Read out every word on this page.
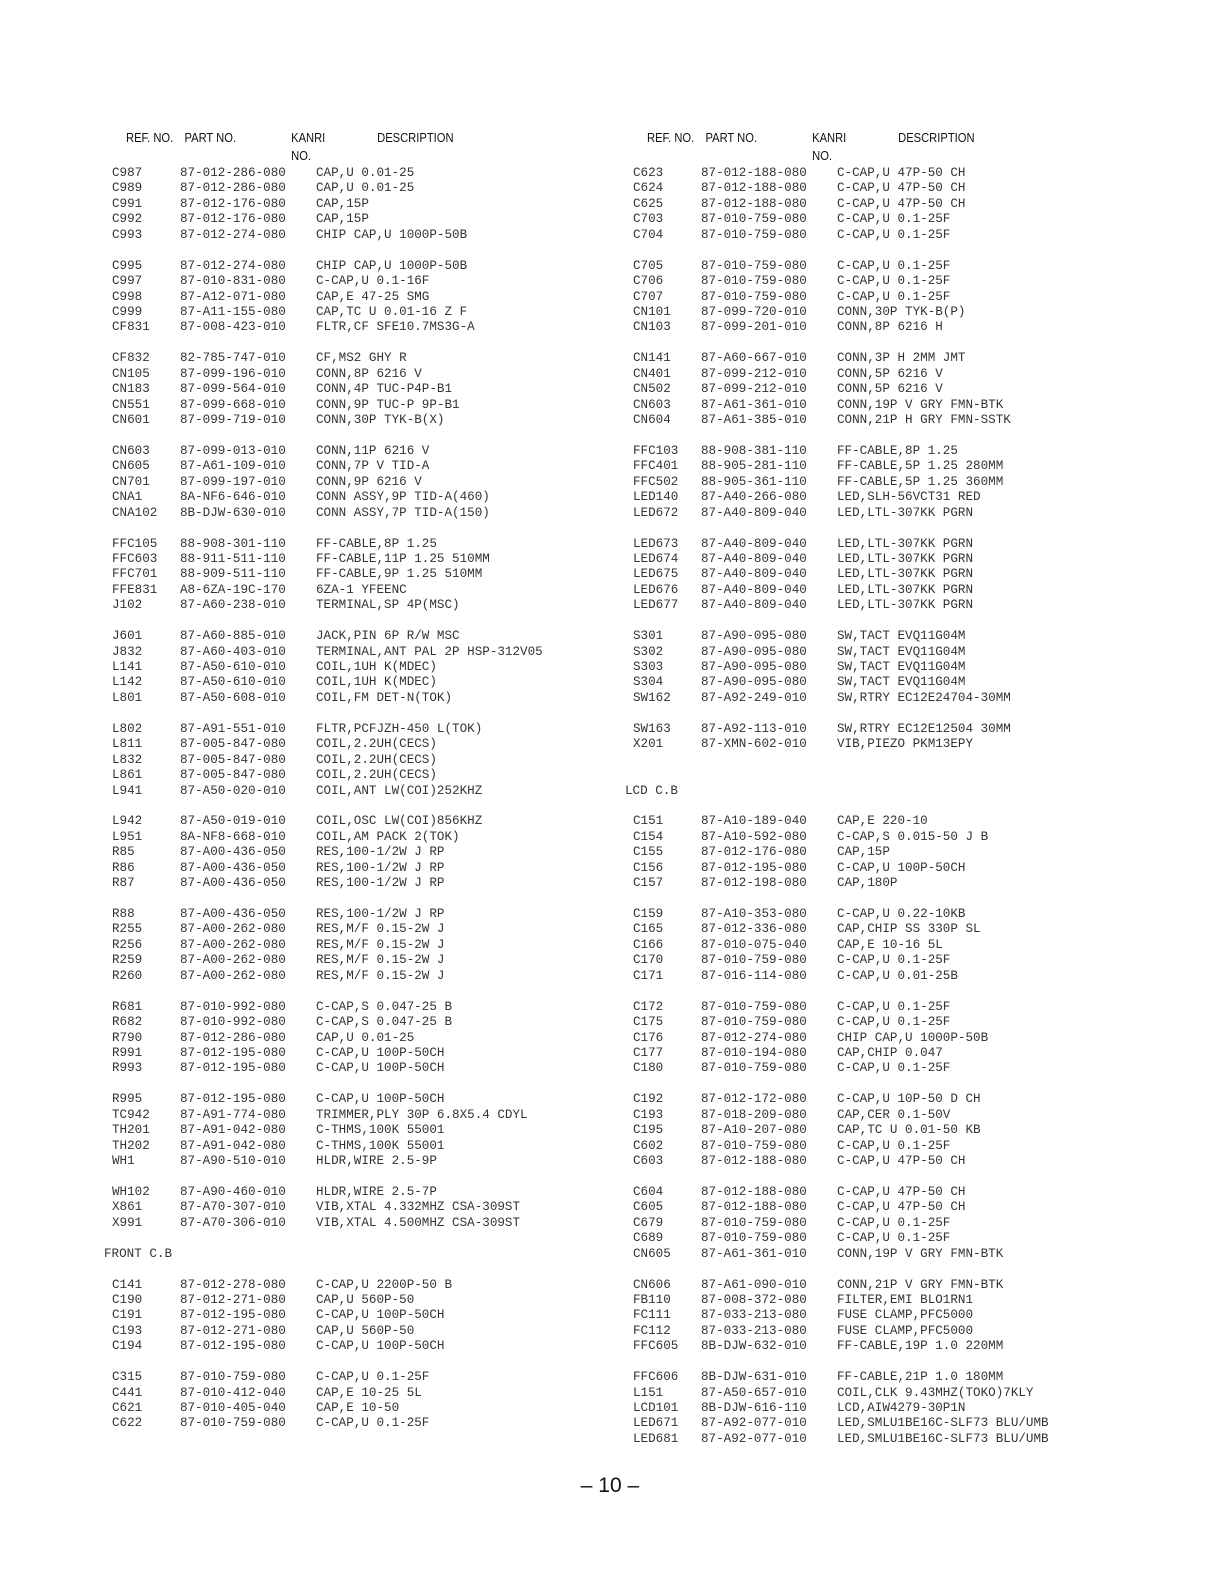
REF. NO. PART NO.	KANRI
NO.
DESCRIPTION	REF. NO. PART NO.	KANRI
NO.
DESCRIPTION
C987	87-012-286-080 CAP,U 0.01-25
C989	87-012-286-080 CAP,U 0.01-25
C991	87-012-176-080 CAP,15P
C992	87-012-176-080 CAP,15P
C993	87-012-274-080 CHIP CAP,U 1000P-50B
C995	87-012-274-080 CHIP CAP,U 1000P-50B
C997	87-010-831-080 C-CAP,U 0.1-16F
C998	87-A12-071-080 CAP,E 47-25 SMG
C999	87-A11-155-080 CAP,TC U 0.01-16 Z F
CF831 87-008-423-010 FLTR,CF SFE10.7MS3G-A
CF832 82-785-747-010 CF,MS2 GHY R
CN105 87-099-196-010 CONN,8P 6216 V
CN183 87-099-564-010 CONN,4P TUC-P4P-B1
CN551 87-099-668-010 CONN,9P TUC-P 9P-B1
CN601 87-099-719-010 CONN,30P TYK-B(X)
CN603 87-099-013-010 CONN,11P 6216 V
CN605 87-A61-109-010 CONN,7P V TID-A
CN701 87-099-197-010 CONN,9P 6216 V
CNA1	8A-NF6-646-010 CONN ASSY,9P TID-A(460)
CNA102 8B-DJW-630-010 CONN ASSY,7P TID-A(150)
FFC105 88-908-301-110 FF-CABLE,8P 1.25
FFC603 88-911-511-110 FF-CABLE,11P 1.25 510MM
FFC701 88-909-511-110 FF-CABLE,9P 1.25 510MM
FFE831 A8-6ZA-19C-170 6ZA-1 YFEENC
J102	87-A60-238-010 TERMINAL,SP 4P(MSC)
J601	87-A60-885-010 JACK,PIN 6P R/W MSC
J832	87-A60-403-010 TERMINAL,ANT PAL 2P HSP-312V05
L141	87-A50-610-010 COIL,1UH K(MDEC)
L142	87-A50-610-010 COIL,1UH K(MDEC)
L801	87-A50-608-010 COIL,FM DET-N(TOK)
L802	87-A91-551-010 FLTR,PCFJZH-450 L(TOK)
L811	87-005-847-080 COIL,2.2UH(CECS)
L832	87-005-847-080 COIL,2.2UH(CECS)
L861	87-005-847-080 COIL,2.2UH(CECS)
L941	87-A50-020-010 COIL,ANT LW(COI)252KHZ
L942	87-A50-019-010 COIL,OSC LW(COI)856KHZ
L951	8A-NF8-668-010 COIL,AM PACK 2(TOK)
R85	87-A00-436-050 RES,100-1/2W J RP
R86	87-A00-436-050 RES,100-1/2W J RP
R87	87-A00-436-050 RES,100-1/2W J RP
R88	87-A00-436-050 RES,100-1/2W J RP
R255	87-A00-262-080 RES,M/F 0.15-2W J
R256	87-A00-262-080 RES,M/F 0.15-2W J
R259	87-A00-262-080 RES,M/F 0.15-2W J
R260	87-A00-262-080 RES,M/F 0.15-2W J
R681	87-010-992-080 C-CAP,S 0.047-25 B
R682	87-010-992-080 C-CAP,S 0.047-25 B
R790	87-012-286-080 CAP,U 0.01-25
R991	87-012-195-080 C-CAP,U 100P-50CH
R993	87-012-195-080 C-CAP,U 100P-50CH
R995	87-012-195-080 C-CAP,U 100P-50CH
TC942 87-A91-774-080 TRIMMER,PLY 30P 6.8X5.4 CDYL
TH201 87-A91-042-080 C-THMS,100K 55001
TH202 87-A91-042-080 C-THMS,100K 55001
WH1	87-A90-510-010 HLDR,WIRE 2.5-9P
WH102 87-A90-460-010 HLDR,WIRE 2.5-7P
X861	87-A70-307-010 VIB,XTAL 4.332MHZ CSA-309ST
X991	87-A70-306-010 VIB,XTAL 4.500MHZ CSA-309ST
FRONT C.B
C141	87-012-278-080 C-CAP,U 2200P-50 B
C190	87-012-271-080 CAP,U 560P-50
C191	87-012-195-080 C-CAP,U 100P-50CH
C193	87-012-271-080 CAP,U 560P-50
C194	87-012-195-080 C-CAP,U 100P-50CH
C315	87-010-759-080 C-CAP,U 0.1-25F
C441	87-010-412-040 CAP,E 10-25 5L
C621	87-010-405-040 CAP,E 10-50
C622	87-010-759-080 C-CAP,U 0.1-25F
C623	87-012-188-080 C-CAP,U 47P-50 CH
C624	87-012-188-080 C-CAP,U 47P-50 CH
C625	87-012-188-080 C-CAP,U 47P-50 CH
C703	87-010-759-080 C-CAP,U 0.1-25F
C704	87-010-759-080 C-CAP,U 0.1-25F
C705	87-010-759-080 C-CAP,U 0.1-25F
C706	87-010-759-080 C-CAP,U 0.1-25F
C707	87-010-759-080 C-CAP,U 0.1-25F
CN101 87-099-720-010 CONN,30P TYK-B(P)
CN103 87-099-201-010 CONN,8P 6216 H
CN141 87-A60-667-010 CONN,3P H 2MM JMT
CN401 87-099-212-010 CONN,5P 6216 V
CN502 87-099-212-010 CONN,5P 6216 V
CN603 87-A61-361-010 CONN,19P V GRY FMN-BTK
CN604 87-A61-385-010 CONN,21P H GRY FMN-SSTK
FFC103 88-908-381-110 FF-CABLE,8P 1.25
FFC401 88-905-281-110 FF-CABLE,5P 1.25 280MM
FFC502 88-905-361-110 FF-CABLE,5P 1.25 360MM
LED140 87-A40-266-080 LED,SLH-56VCT31 RED
LED672 87-A40-809-040 LED,LTL-307KK PGRN
LED673 87-A40-809-040 LED,LTL-307KK PGRN
LED674 87-A40-809-040 LED,LTL-307KK PGRN
LED675 87-A40-809-040 LED,LTL-307KK PGRN
LED676 87-A40-809-040 LED,LTL-307KK PGRN
LED677 87-A40-809-040 LED,LTL-307KK PGRN
S301	87-A90-095-080 SW,TACT EVQ11G04M
S302	87-A90-095-080 SW,TACT EVQ11G04M
S303	87-A90-095-080 SW,TACT EVQ11G04M
S304	87-A90-095-080 SW,TACT EVQ11G04M
SW162 87-A92-249-010 SW,RTRY EC12E24704-30MM
SW163 87-A92-113-010 SW,RTRY EC12E12504 30MM
X201	87-XMN-602-010 VIB,PIEZO PKM13EPY
LCD C.B
C151	87-A10-189-040 CAP,E 220-10
C154	87-A10-592-080 C-CAP,S 0.015-50 J B
C155	87-012-176-080 CAP,15P
C156	87-012-195-080 C-CAP,U 100P-50CH
C157	87-012-198-080 CAP,180P
C159	87-A10-353-080 C-CAP,U 0.22-10KB
C165	87-012-336-080 CAP,CHIP SS 330P SL
C166	87-010-075-040 CAP,E 10-16 5L
C170	87-010-759-080 C-CAP,U 0.1-25F
C171	87-016-114-080 C-CAP,U 0.01-25B
C172	87-010-759-080 C-CAP,U 0.1-25F
C175	87-010-759-080 C-CAP,U 0.1-25F
C176	87-012-274-080 CHIP CAP,U 1000P-50B
C177	87-010-194-080 CAP,CHIP 0.047
C180	87-010-759-080 C-CAP,U 0.1-25F
C192	87-012-172-080 C-CAP,U 10P-50 D CH
C193	87-018-209-080 CAP,CER 0.1-50V
C195	87-A10-207-080 CAP,TC U 0.01-50 KB
C602	87-010-759-080 C-CAP,U 0.1-25F
C603	87-012-188-080 C-CAP,U 47P-50 CH
C604	87-012-188-080 C-CAP,U 47P-50 CH
C605	87-012-188-080 C-CAP,U 47P-50 CH
C679	87-010-759-080 C-CAP,U 0.1-25F
C689	87-010-759-080 C-CAP,U 0.1-25F
CN605 87-A61-361-010 CONN,19P V GRY FMN-BTK
CN606 87-A61-090-010 CONN,21P V GRY FMN-BTK
FB110 87-008-372-080 FILTER,EMI BLO1RN1
FC111 87-033-213-080 FUSE CLAMP,PFC5000
FC112 87-033-213-080 FUSE CLAMP,PFC5000
FFC605 8B-DJW-632-010 FF-CABLE,19P 1.0 220MM
FFC606 8B-DJW-631-010 FF-CABLE,21P 1.0 180MM
L151	87-A50-657-010 COIL,CLK 9.43MHZ(TOKO)7KLY
LCD101 8B-DJW-616-110 LCD,AIW4279-30P1N
LED671 87-A92-077-010 LED,SMLU1BE16C-SLF73 BLU/UMB
LED681 87-A92-077-010 LED,SMLU1BE16C-SLF73 BLU/UMB
– 10 –
